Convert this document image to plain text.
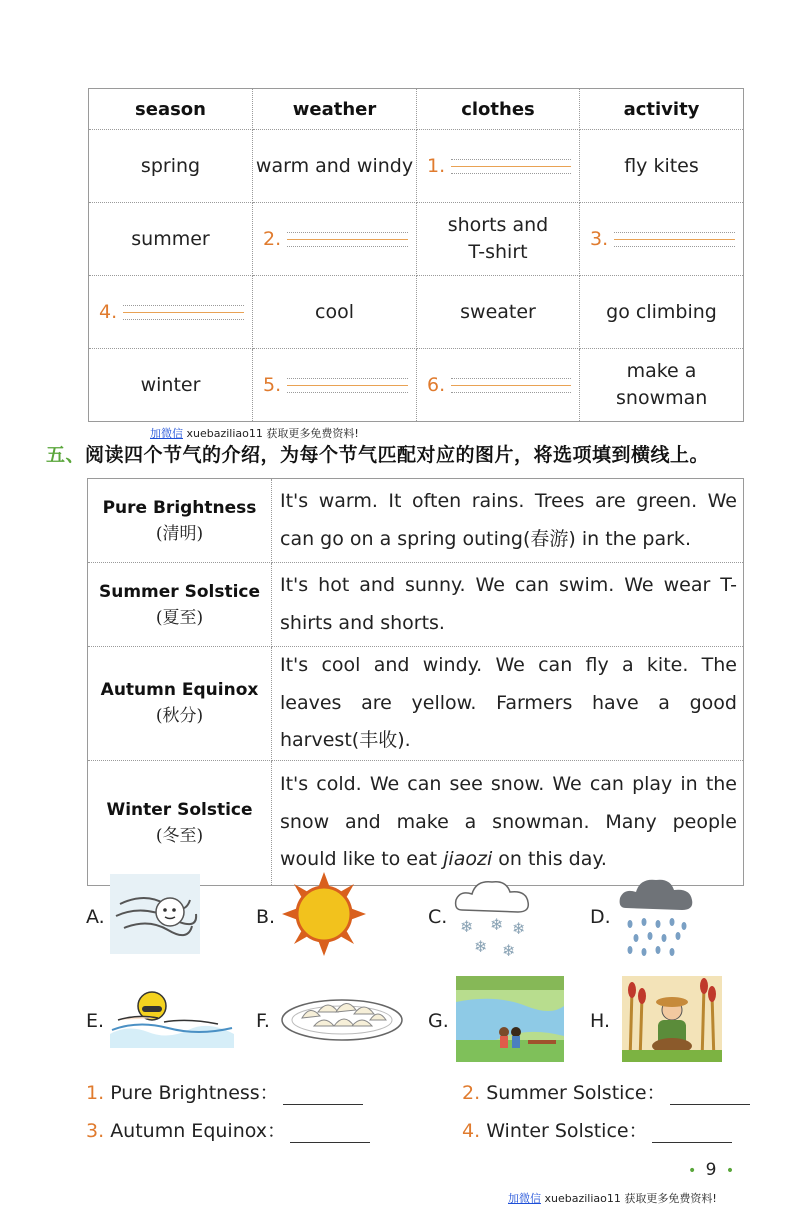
season	weather	clothes	activity
spring	warm and windy	1.	fly kites
summer	2.	shorts and T-shirt	3.

4.	cool	sweater	go climbing
winter	5.	6.	make a snowman
加微信 xuebaziliao11 获取更多免费资料!
五、阅读四个节气的介绍，为每个节气匹配对应的图片，将选项填到横线上。
Pure Brightness
(清明)	It's warm. It often rains. Trees are green. We can go on a spring outing(春游) in the park.

Summer Solstice
(夏至)	It's hot and sunny. We can swim. We wear T-shirts and shorts.

Autumn Equinox
(秋分)	It's cool and windy. We can fly a kite. The leaves are yellow. Farmers have a good harvest(丰收).

Winter Solstice
(冬至)	It's cold. We can see snow. We can play in the snow and make a snowman. Many people would like to eat jiaozi on this day.
A.	B.	C. ❄ ❄ ❄
❄ ❄
D.
E.	F.	G.	H.
1. Pure Brightness：	2. Summer Solstice：
3. Autumn Equinox：	4. Winter Solstice：
• 9 •
加微信 xuebaziliao11 获取更多免费资料!
